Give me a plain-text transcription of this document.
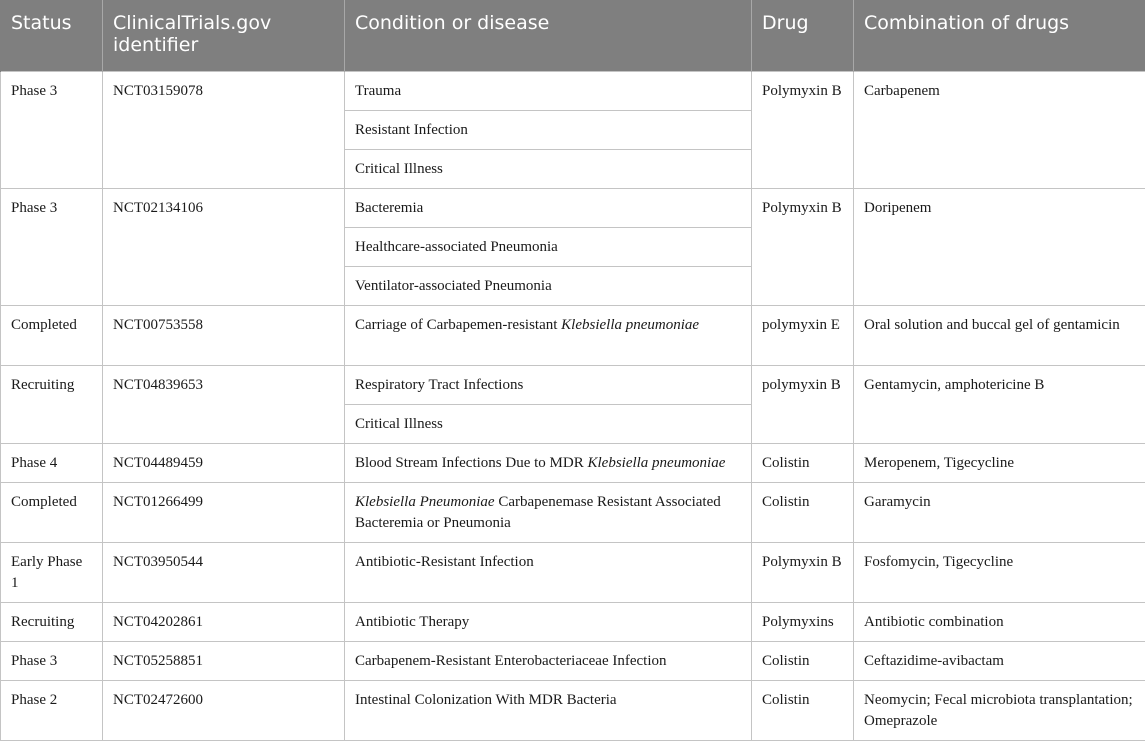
Status	ClinicalTrials.gov identifier	Condition or disease	Drug	Combination of drugs
Phase 3	NCT03159078	Trauma	Polymyxin B	Carbapenem
		Resistant Infection		
		Critical Illness		
Phase 3	NCT02134106	Bacteremia	Polymyxin B	Doripenem
		Healthcare-associated Pneumonia		
		Ventilator-associated Pneumonia		
Completed	NCT00753558	Carriage of Carbapemen-resistant Klebsiella pneumoniae	polymyxin E	Oral solution and buccal gel of gentamicin
Recruiting	NCT04839653	Respiratory Tract Infections	polymyxin B	Gentamycin, amphotericine B
		Critical Illness		
Phase 4	NCT04489459	Blood Stream Infections Due to MDR Klebsiella pneumoniae	Colistin	Meropenem, Tigecycline
Completed	NCT01266499	Klebsiella Pneumoniae Carbapenemase Resistant Associated Bacteremia or Pneumonia	Colistin	Garamycin
Early Phase 1	NCT03950544	Antibiotic-Resistant Infection	Polymyxin B	Fosfomycin, Tigecycline
Recruiting	NCT04202861	Antibiotic Therapy	Polymyxins	Antibiotic combination
Phase 3	NCT05258851	Carbapenem-Resistant Enterobacteriaceae Infection	Colistin	Ceftazidime-avibactam
Phase 2	NCT02472600	Intestinal Colonization With MDR Bacteria	Colistin	Neomycin; Fecal microbiota transplantation; Omeprazole
